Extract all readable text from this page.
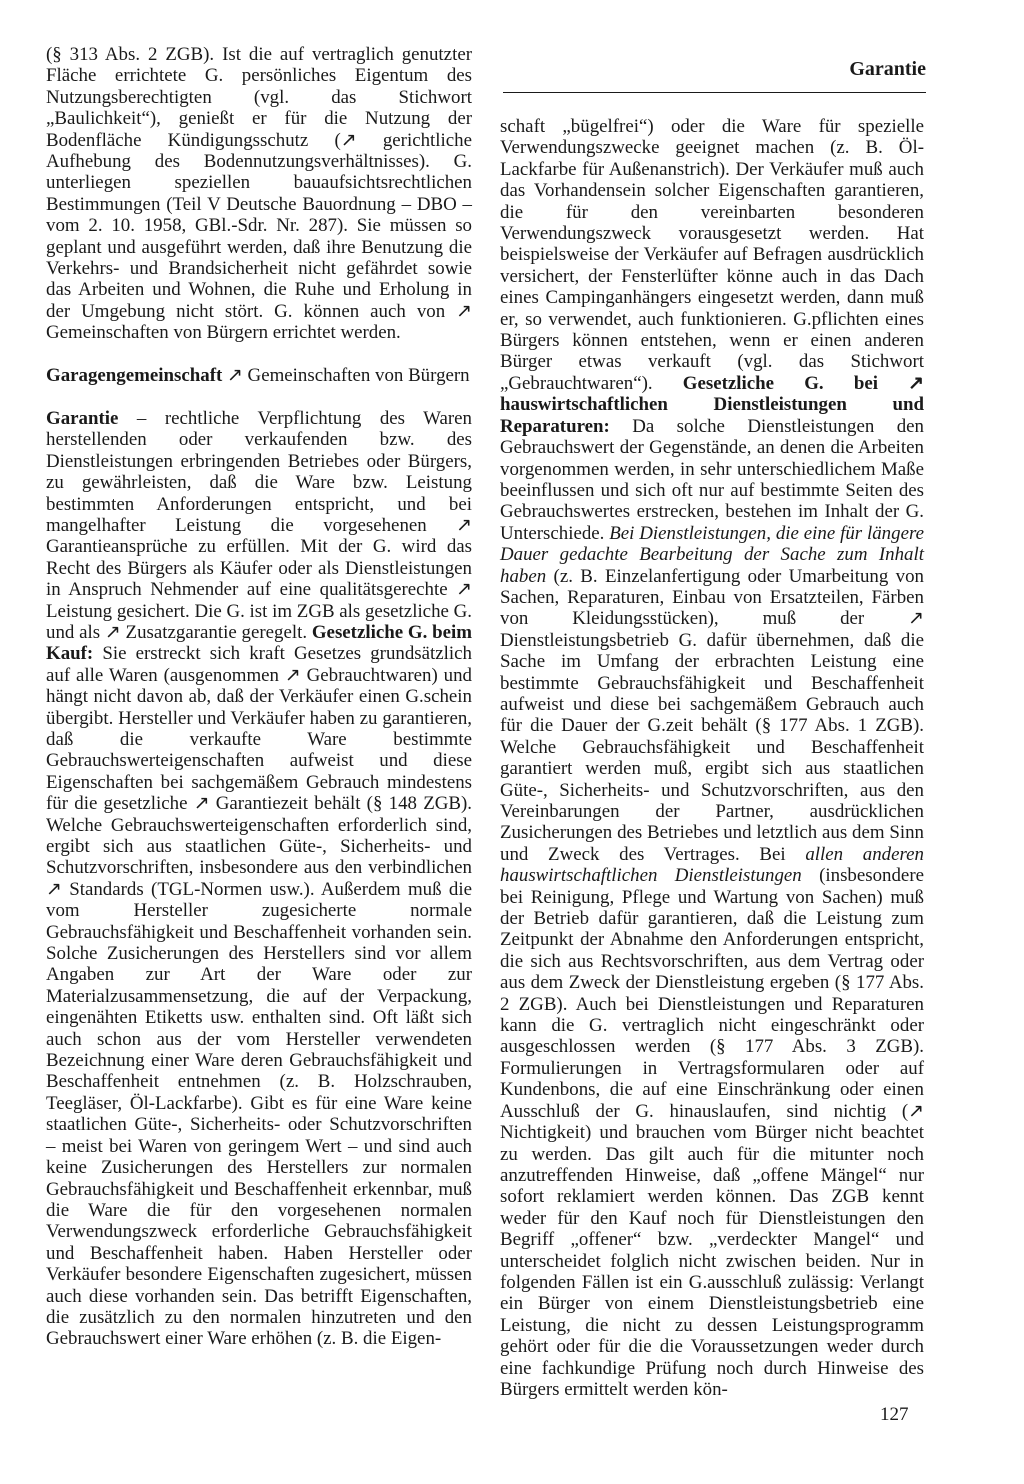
Garantie

(§ 313 Abs. 2 ZGB). Ist die auf vertraglich genutzter Fläche errichtete G. persönliches Eigentum des Nutzungsberechtigten (vgl. das Stichwort „Baulichkeit“), genießt er für die Nutzung der Bodenfläche Kündigungsschutz (↗ gerichtliche Aufhebung des Bodennutzungsverhältnisses). G. unterliegen speziellen bauaufsichtsrechtlichen Bestimmungen (Teil V Deutsche Bauordnung – DBO – vom 2. 10. 1958, GBl.-Sdr. Nr. 287). Sie müssen so geplant und ausgeführt werden, daß ihre Benutzung die Verkehrs- und Brandsicherheit nicht gefährdet sowie das Arbeiten und Wohnen, die Ruhe und Erholung in der Umgebung nicht stört. G. können auch von ↗ Gemeinschaften von Bürgern errichtet werden.

Garagengemeinschaft ↗ Gemeinschaften von Bürgern

Garantie – rechtliche Verpflichtung des Waren herstellenden oder verkaufenden bzw. des Dienstleistungen erbringenden Betriebes oder Bürgers, zu gewährleisten, daß die Ware bzw. Leistung bestimmten Anforderungen entspricht, und bei mangelhafter Leistung die vorgesehenen ↗ Garantieansprüche zu erfüllen. Mit der G. wird das Recht des Bürgers als Käufer oder als Dienstleistungen in Anspruch Nehmender auf eine qualitätsgerechte ↗ Leistung gesichert. Die G. ist im ZGB als gesetzliche G. und als ↗ Zusatzgarantie geregelt. Gesetzliche G. beim Kauf: Sie erstreckt sich kraft Gesetzes grundsätzlich auf alle Waren (ausgenommen ↗ Gebrauchtwaren) und hängt nicht davon ab, daß der Verkäufer einen G.schein übergibt. Hersteller und Verkäufer haben zu garantieren, daß die verkaufte Ware bestimmte Gebrauchswerteigenschaften aufweist und diese Eigenschaften bei sachgemäßem Gebrauch mindestens für die gesetzliche ↗ Garantiezeit behält (§ 148 ZGB). Welche Gebrauchswerteigenschaften erforderlich sind, ergibt sich aus staatlichen Güte-, Sicherheits- und Schutzvorschriften, insbesondere aus den verbindlichen ↗ Standards (TGL-Normen usw.). Außerdem muß die vom Hersteller zugesicherte normale Gebrauchsfähigkeit und Beschaffenheit vorhanden sein. Solche Zusicherungen des Herstellers sind vor allem Angaben zur Art der Ware oder zur Materialzusammensetzung, die auf der Verpackung, eingenähten Etiketts usw. enthalten sind. Oft läßt sich auch schon aus der vom Hersteller verwendeten Bezeichnung einer Ware deren Gebrauchsfähigkeit und Beschaffenheit entnehmen (z. B. Holzschrauben, Teegläser, Öl-Lackfarbe). Gibt es für eine Ware keine staatlichen Güte-, Sicherheits- oder Schutzvorschriften – meist bei Waren von geringem Wert – und sind auch keine Zusicherungen des Herstellers zur normalen Gebrauchsfähigkeit und Beschaffenheit erkennbar, muß die Ware die für den vorgesehenen normalen Verwendungszweck erforderliche Gebrauchsfähigkeit und Beschaffenheit haben. Haben Hersteller oder Verkäufer besondere Eigenschaften zugesichert, müssen auch diese vorhanden sein. Das betrifft Eigenschaften, die zusätzlich zu den normalen hinzutreten und den Gebrauchswert einer Ware erhöhen (z. B. die Eigen-

schaft „bügelfrei“) oder die Ware für spezielle Verwendungszwecke geeignet machen (z. B. Öl-Lackfarbe für Außenanstrich). Der Verkäufer muß auch das Vorhandensein solcher Eigenschaften garantieren, die für den vereinbarten besonderen Verwendungszweck vorausgesetzt werden. Hat beispielsweise der Verkäufer auf Befragen ausdrücklich versichert, der Fensterlüfter könne auch in das Dach eines Campinganhängers eingesetzt werden, dann muß er, so verwendet, auch funktionieren. G.pflichten eines Bürgers können entstehen, wenn er einen anderen Bürger etwas verkauft (vgl. das Stichwort „Gebrauchtwaren“). Gesetzliche G. bei ↗ hauswirtschaftlichen Dienstleistungen und Reparaturen: Da solche Dienstleistungen den Gebrauchswert der Gegenstände, an denen die Arbeiten vorgenommen werden, in sehr unterschiedlichem Maße beeinflussen und sich oft nur auf bestimmte Seiten des Gebrauchswertes erstrecken, bestehen im Inhalt der G. Unterschiede. Bei Dienstleistungen, die eine für längere Dauer gedachte Bearbeitung der Sache zum Inhalt haben (z. B. Einzelanfertigung oder Umarbeitung von Sachen, Reparaturen, Einbau von Ersatzteilen, Färben von Kleidungsstücken), muß der ↗ Dienstleistungsbetrieb G. dafür übernehmen, daß die Sache im Umfang der erbrachten Leistung eine bestimmte Gebrauchsfähigkeit und Beschaffenheit aufweist und diese bei sachgemäßem Gebrauch auch für die Dauer der G.zeit behält (§ 177 Abs. 1 ZGB). Welche Gebrauchsfähigkeit und Beschaffenheit garantiert werden muß, ergibt sich aus staatlichen Güte-, Sicherheits- und Schutzvorschriften, aus den Vereinbarungen der Partner, ausdrücklichen Zusicherungen des Betriebes und letztlich aus dem Sinn und Zweck des Vertrages. Bei allen anderen hauswirtschaftlichen Dienstleistungen (insbesondere bei Reinigung, Pflege und Wartung von Sachen) muß der Betrieb dafür garantieren, daß die Leistung zum Zeitpunkt der Abnahme den Anforderungen entspricht, die sich aus Rechtsvorschriften, aus dem Vertrag oder aus dem Zweck der Dienstleistung ergeben (§ 177 Abs. 2 ZGB). Auch bei Dienstleistungen und Reparaturen kann die G. vertraglich nicht eingeschränkt oder ausgeschlossen werden (§ 177 Abs. 3 ZGB). Formulierungen in Vertragsformularen oder auf Kundenbons, die auf eine Einschränkung oder einen Ausschluß der G. hinauslaufen, sind nichtig (↗ Nichtigkeit) und brauchen vom Bürger nicht beachtet zu werden. Das gilt auch für die mitunter noch anzutreffenden Hinweise, daß „offene Mängel“ nur sofort reklamiert werden können. Das ZGB kennt weder für den Kauf noch für Dienstleistungen den Begriff „offener“ bzw. „verdeckter Mangel“ und unterscheidet folglich nicht zwischen beiden. Nur in folgenden Fällen ist ein G.ausschluß zulässig: Verlangt ein Bürger von einem Dienstleistungsbetrieb eine Leistung, die nicht zu dessen Leistungsprogramm gehört oder für die die Voraussetzungen weder durch eine fachkundige Prüfung noch durch Hinweise des Bürgers ermittelt werden kön-

127
